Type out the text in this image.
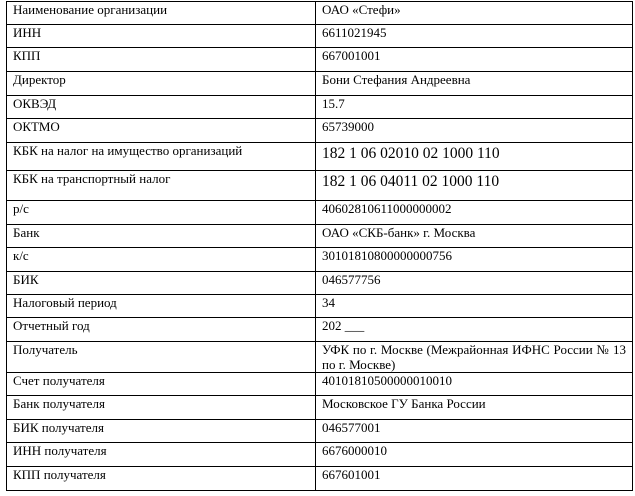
Наименование организации	ОАО «Стефи»
ИНН	6611021945
КПП	667001001
Директор	Бони Стефания Андреевна
ОКВЭД	15.7
ОКТМО	65739000
КБК на налог на имущество организаций	182 1 06 02010 02 1000 110
КБК на транспортный налог	182 1 06 04011 02 1000 110
р/с	40602810611000000002
Банк	ОАО «СКБ-банк» г. Москва
к/с	30101810800000000756
БИК	046577756
Налоговый период	34
Отчетный год	202 ___
Получатель	УФК по г. Москве (Межрайонная ИФНС России № 13 по г. Москве)
Счет получателя	40101810500000010010
Банк получателя	Московское ГУ Банка России
БИК получателя	046577001
ИНН получателя	6676000010
КПП получателя	667601001
